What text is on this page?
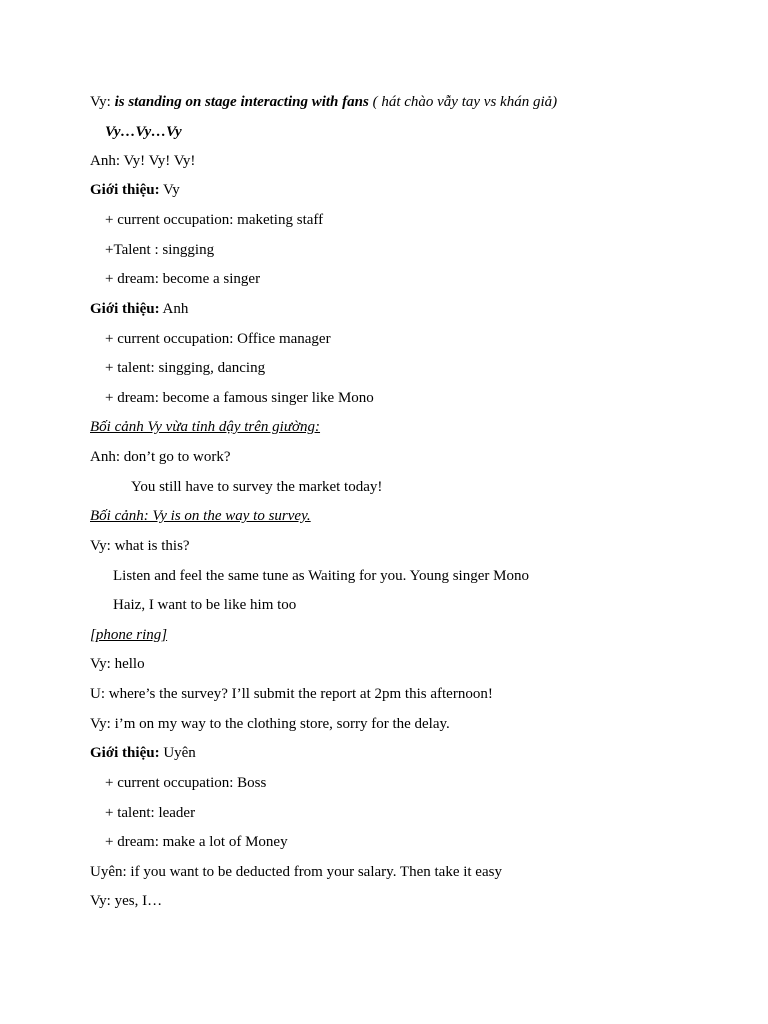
Vy: is standing on stage interacting with fans ( hát chào vẫy tay vs khán giả)
Vy…Vy…Vy
Anh: Vy! Vy! Vy!
Giới thiệu: Vy
+ current occupation: maketing staff
+Talent : singging
+ dream: become a singer
Giới thiệu: Anh
+ current occupation: Office manager
+ talent: singging, dancing
+ dream: become a famous singer like Mono
Bối cảnh Vy vừa tỉnh dậy trên giường:
Anh: don’t go to work?
You still have to survey the market today!
Bối cảnh: Vy is on the way to survey.
Vy: what is this?
Listen and feel the same tune as Waiting for you. Young singer Mono
Haiz, I want to be like him too
[phone ring]
Vy: hello
U: where’s the survey? I’ll submit the report at 2pm this afternoon!
Vy: i’m on my way to the clothing store, sorry for the delay.
Giới thiệu: Uyên
+ current occupation: Boss
+ talent: leader
+ dream: make a lot of Money
Uyên: if you want to be deducted from your salary. Then take it easy
Vy: yes, I…
